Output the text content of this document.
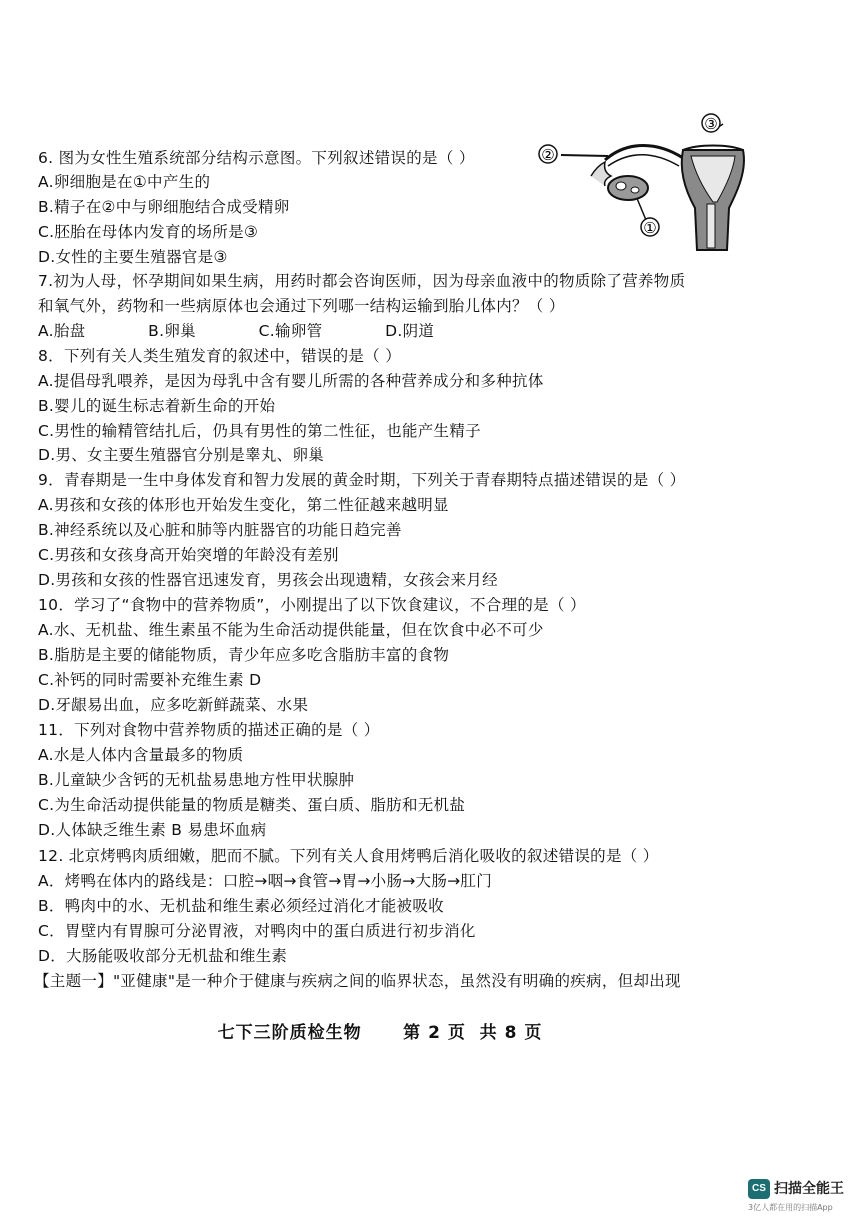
6. 图为女性生殖系统部分结构示意图。下列叙述错误的是（ ）
A.卵细胞是在①中产生的
B.精子在②中与卵细胞结合成受精卵
C.胚胎在母体内发育的场所是③
D.女性的主要生殖器官是③
②
③
①
7.初为人母，怀孕期间如果生病，用药时都会咨询医师，因为母亲血液中的物质除了营养物质
和氧气外，药物和一些病原体也会通过下列哪一结构运输到胎儿体内？（ ）
A.胎盘            B.卵巢            C.输卵管            D.阴道
8．下列有关人类生殖发育的叙述中，错误的是（ ）
A.提倡母乳喂养，是因为母乳中含有婴儿所需的各种营养成分和多种抗体
B.婴儿的诞生标志着新生命的开始
C.男性的输精管结扎后，仍具有男性的第二性征，也能产生精子
D.男、女主要生殖器官分别是睾丸、卵巢
9．青春期是一生中身体发育和智力发展的黄金时期，下列关于青春期特点描述错误的是（ ）
A.男孩和女孩的体形也开始发生变化，第二性征越来越明显
B.神经系统以及心脏和肺等内脏器官的功能日趋完善
C.男孩和女孩身高开始突增的年龄没有差别
D.男孩和女孩的性器官迅速发育，男孩会出现遗精，女孩会来月经
10．学习了“食物中的营养物质”，小刚提出了以下饮食建议，不合理的是（ ）
A.水、无机盐、维生素虽不能为生命活动提供能量，但在饮食中必不可少
B.脂肪是主要的储能物质，青少年应多吃含脂肪丰富的食物
C.补钙的同时需要补充维生素 D
D.牙龈易出血，应多吃新鲜蔬菜、水果
11．下列对食物中营养物质的描述正确的是（ ）
A.水是人体内含量最多的物质
B.儿童缺少含钙的无机盐易患地方性甲状腺肿
C.为生命活动提供能量的物质是糖类、蛋白质、脂肪和无机盐
D.人体缺乏维生素 B 易患坏血病
12. 北京烤鸭肉质细嫩，肥而不腻。下列有关人食用烤鸭后消化吸收的叙述错误的是（ ）
A．烤鸭在体内的路线是：口腔→咽→食管→胃→小肠→大肠→肛门
B．鸭肉中的水、无机盐和维生素必须经过消化才能被吸收
C．胃壁内有胃腺可分泌胃液，对鸭肉中的蛋白质进行初步消化
D．大肠能吸收部分无机盐和维生素
【主题一】"亚健康"是一种介于健康与疾病之间的临界状态，虽然没有明确的疾病，但却出现
七下三阶质检生物      第 2 页  共 8 页
CS 扫描全能王
3亿人都在用的扫描App
